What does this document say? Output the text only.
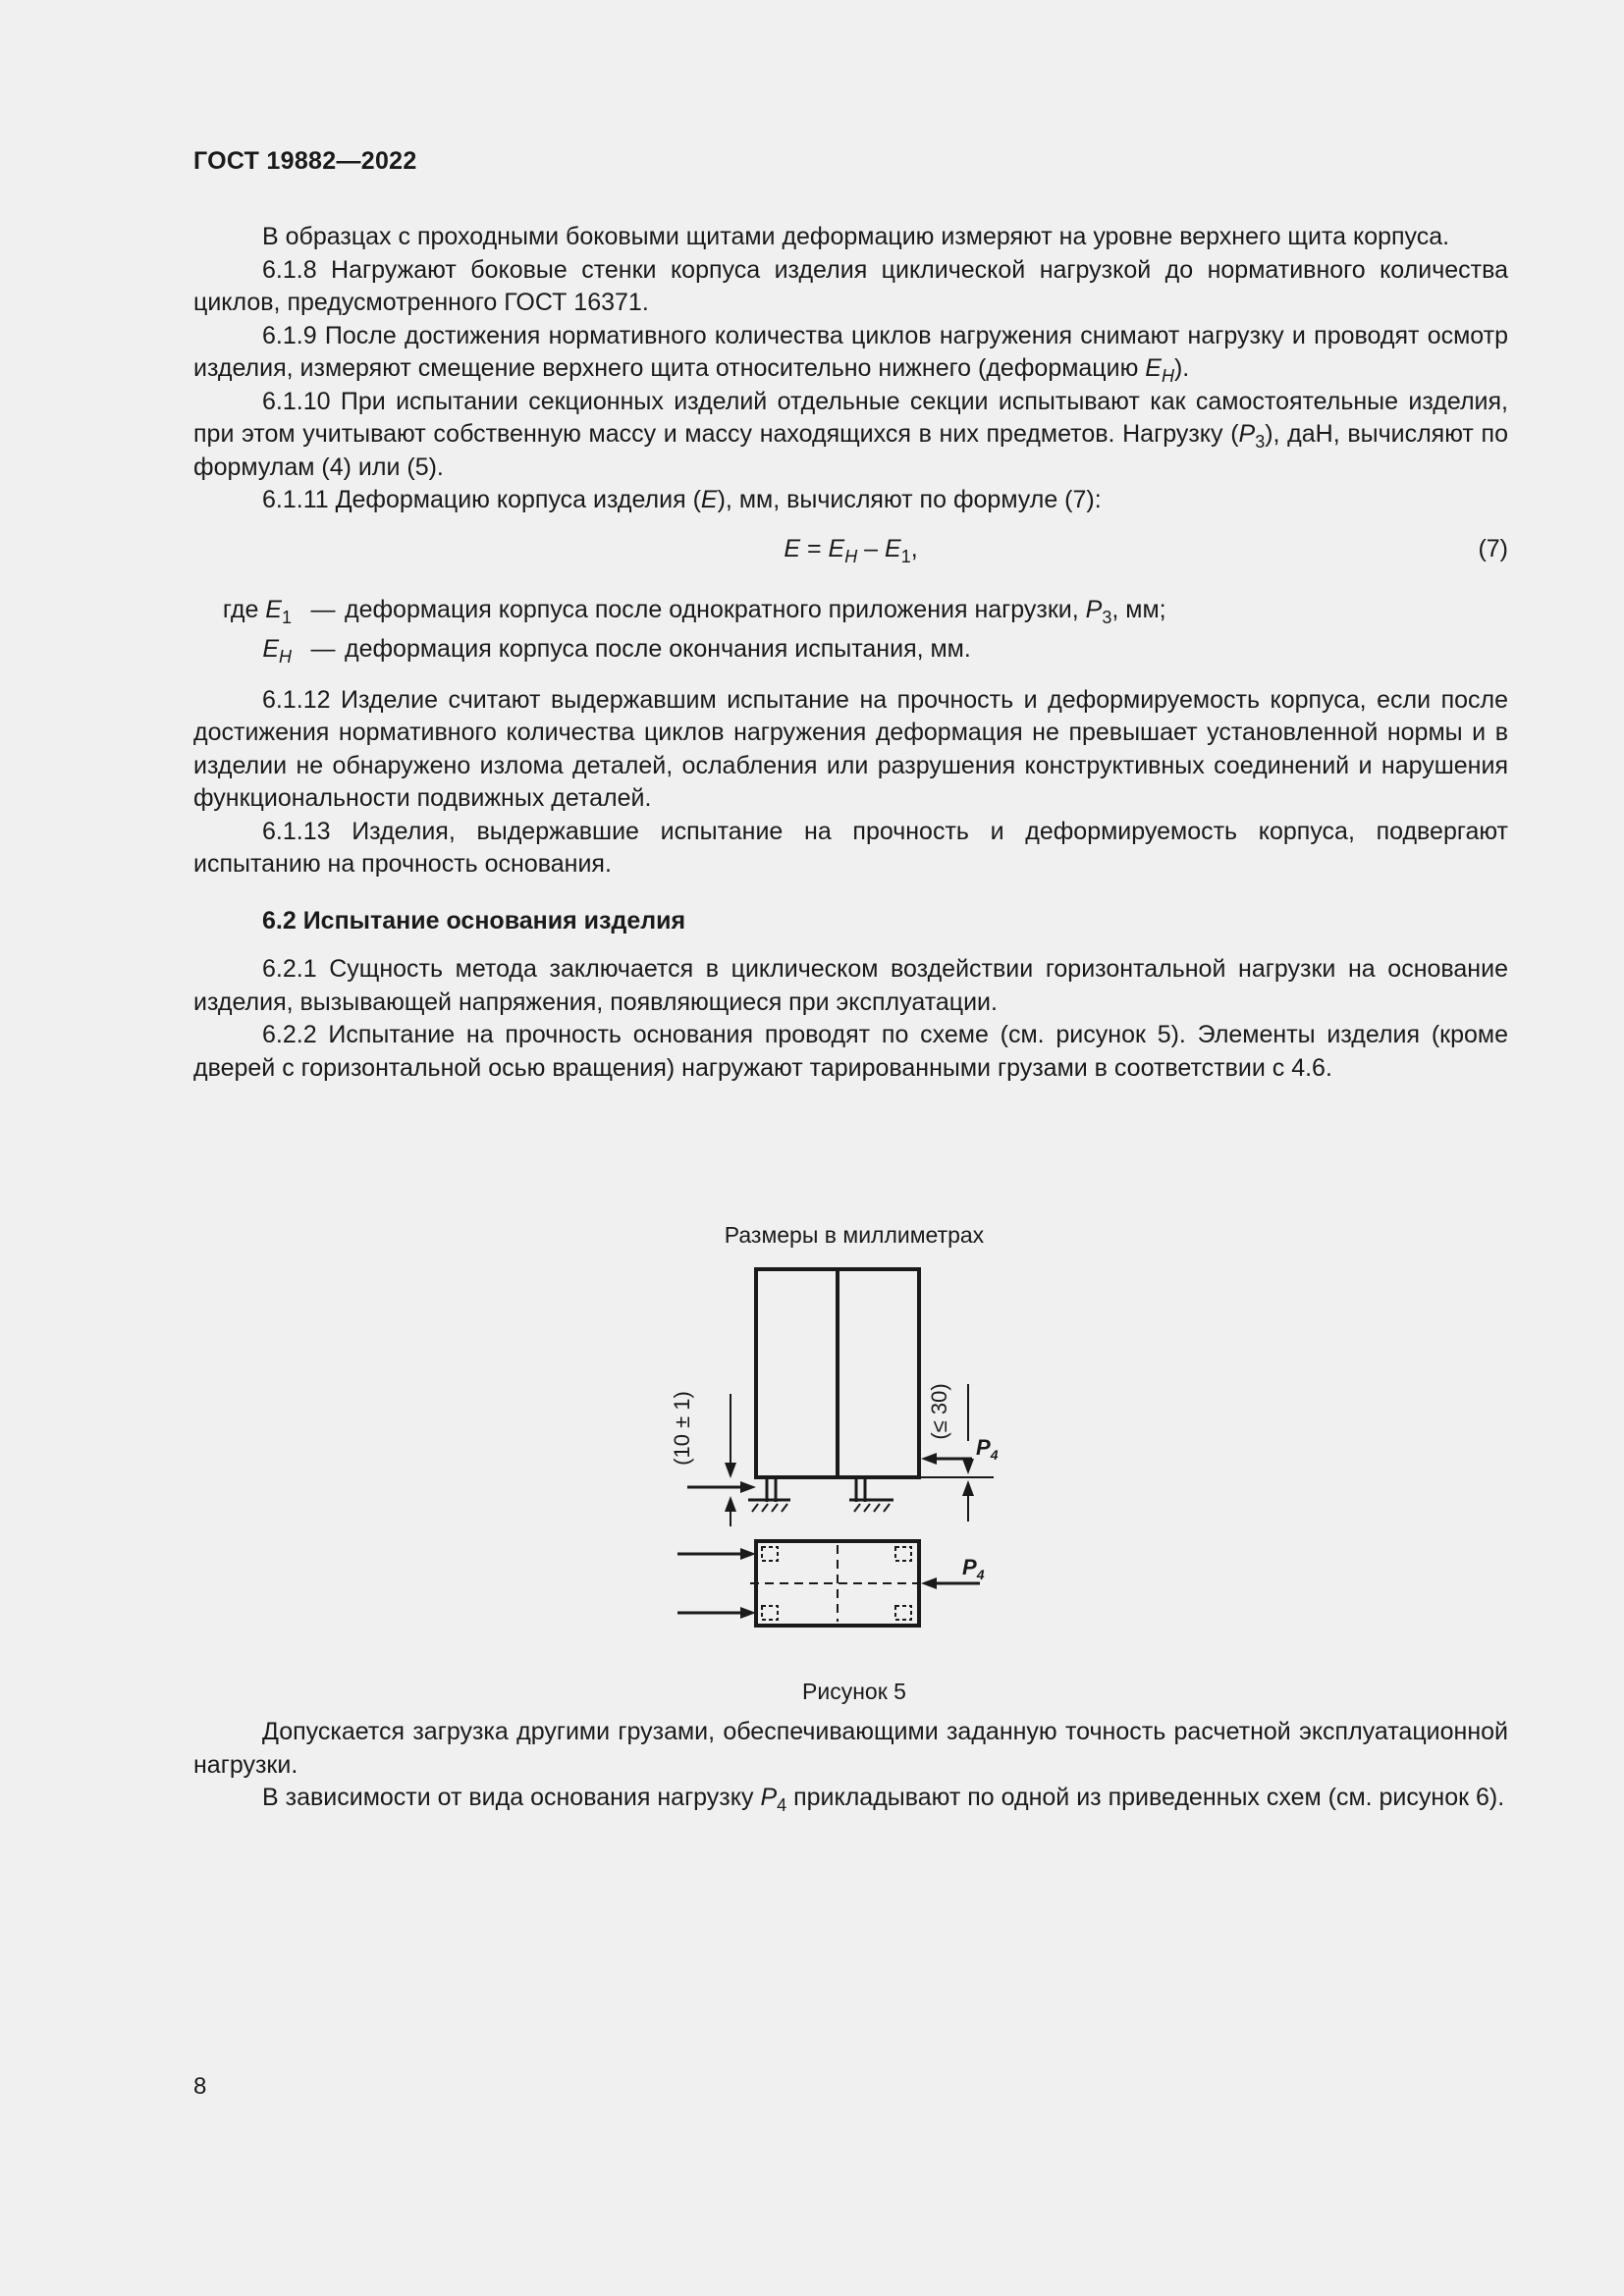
ГОСТ 19882—2022

В образцах с проходными боковыми щитами деформацию измеряют на уровне верхнего щита корпуса.

6.1.8 Нагружают боковые стенки корпуса изделия циклической нагрузкой до нормативного количества циклов, предусмотренного ГОСТ 16371.

6.1.9 После достижения нормативного количества циклов нагружения снимают нагрузку и проводят осмотр изделия, измеряют смещение верхнего щита относительно нижнего (деформацию $E_H$).

6.1.10 При испытании секционных изделий отдельные секции испытывают как самостоятельные изделия, при этом учитывают собственную массу и массу находящихся в них предметов. Нагрузку $(P_3)$, даН, вычисляют по формулам (4) или (5).

6.1.11 Деформацию корпуса изделия (E), мм, вычисляют по формуле (7):

$E = E_H - E_1$,	(7)
где $E_1$ — деформация корпуса после однократного приложения нагрузки, $P_3$, мм;
$E_H$ — деформация корпуса после окончания испытания, мм.

6.1.12 Изделие считают выдержавшим испытание на прочность и деформируемость корпуса, если после достижения нормативного количества циклов нагружения деформация не превышает установленной нормы и в изделии не обнаружено излома деталей, ослабления или разрушения конструктивных соединений и нарушения функциональности подвижных деталей.

6.1.13 Изделия, выдержавшие испытание на прочность и деформируемость корпуса, подвергают испытанию на прочность основания.

6.2 Испытание основания изделия

6.2.1 Сущность метода заключается в циклическом воздействии горизонтальной нагрузки на основание изделия, вызывающей напряжения, появляющиеся при эксплуатации.

6.2.2 Испытание на прочность основания проводят по схеме (см. рисунок 5). Элементы изделия (кроме дверей с горизонтальной осью вращения) нагружают тарированными грузами в соответствии с 4.6.

Размеры в миллиметрах
(10 ± 1)	(≤ 30)
$P_4$
$P_4$
Рисунок 5

Допускается загрузка другими грузами, обеспечивающими заданную точность расчетной эксплуатационной нагрузки.

В зависимости от вида основания нагрузку $P_4$ прикладывают по одной из приведенных схем (см. рисунок 6).

8
